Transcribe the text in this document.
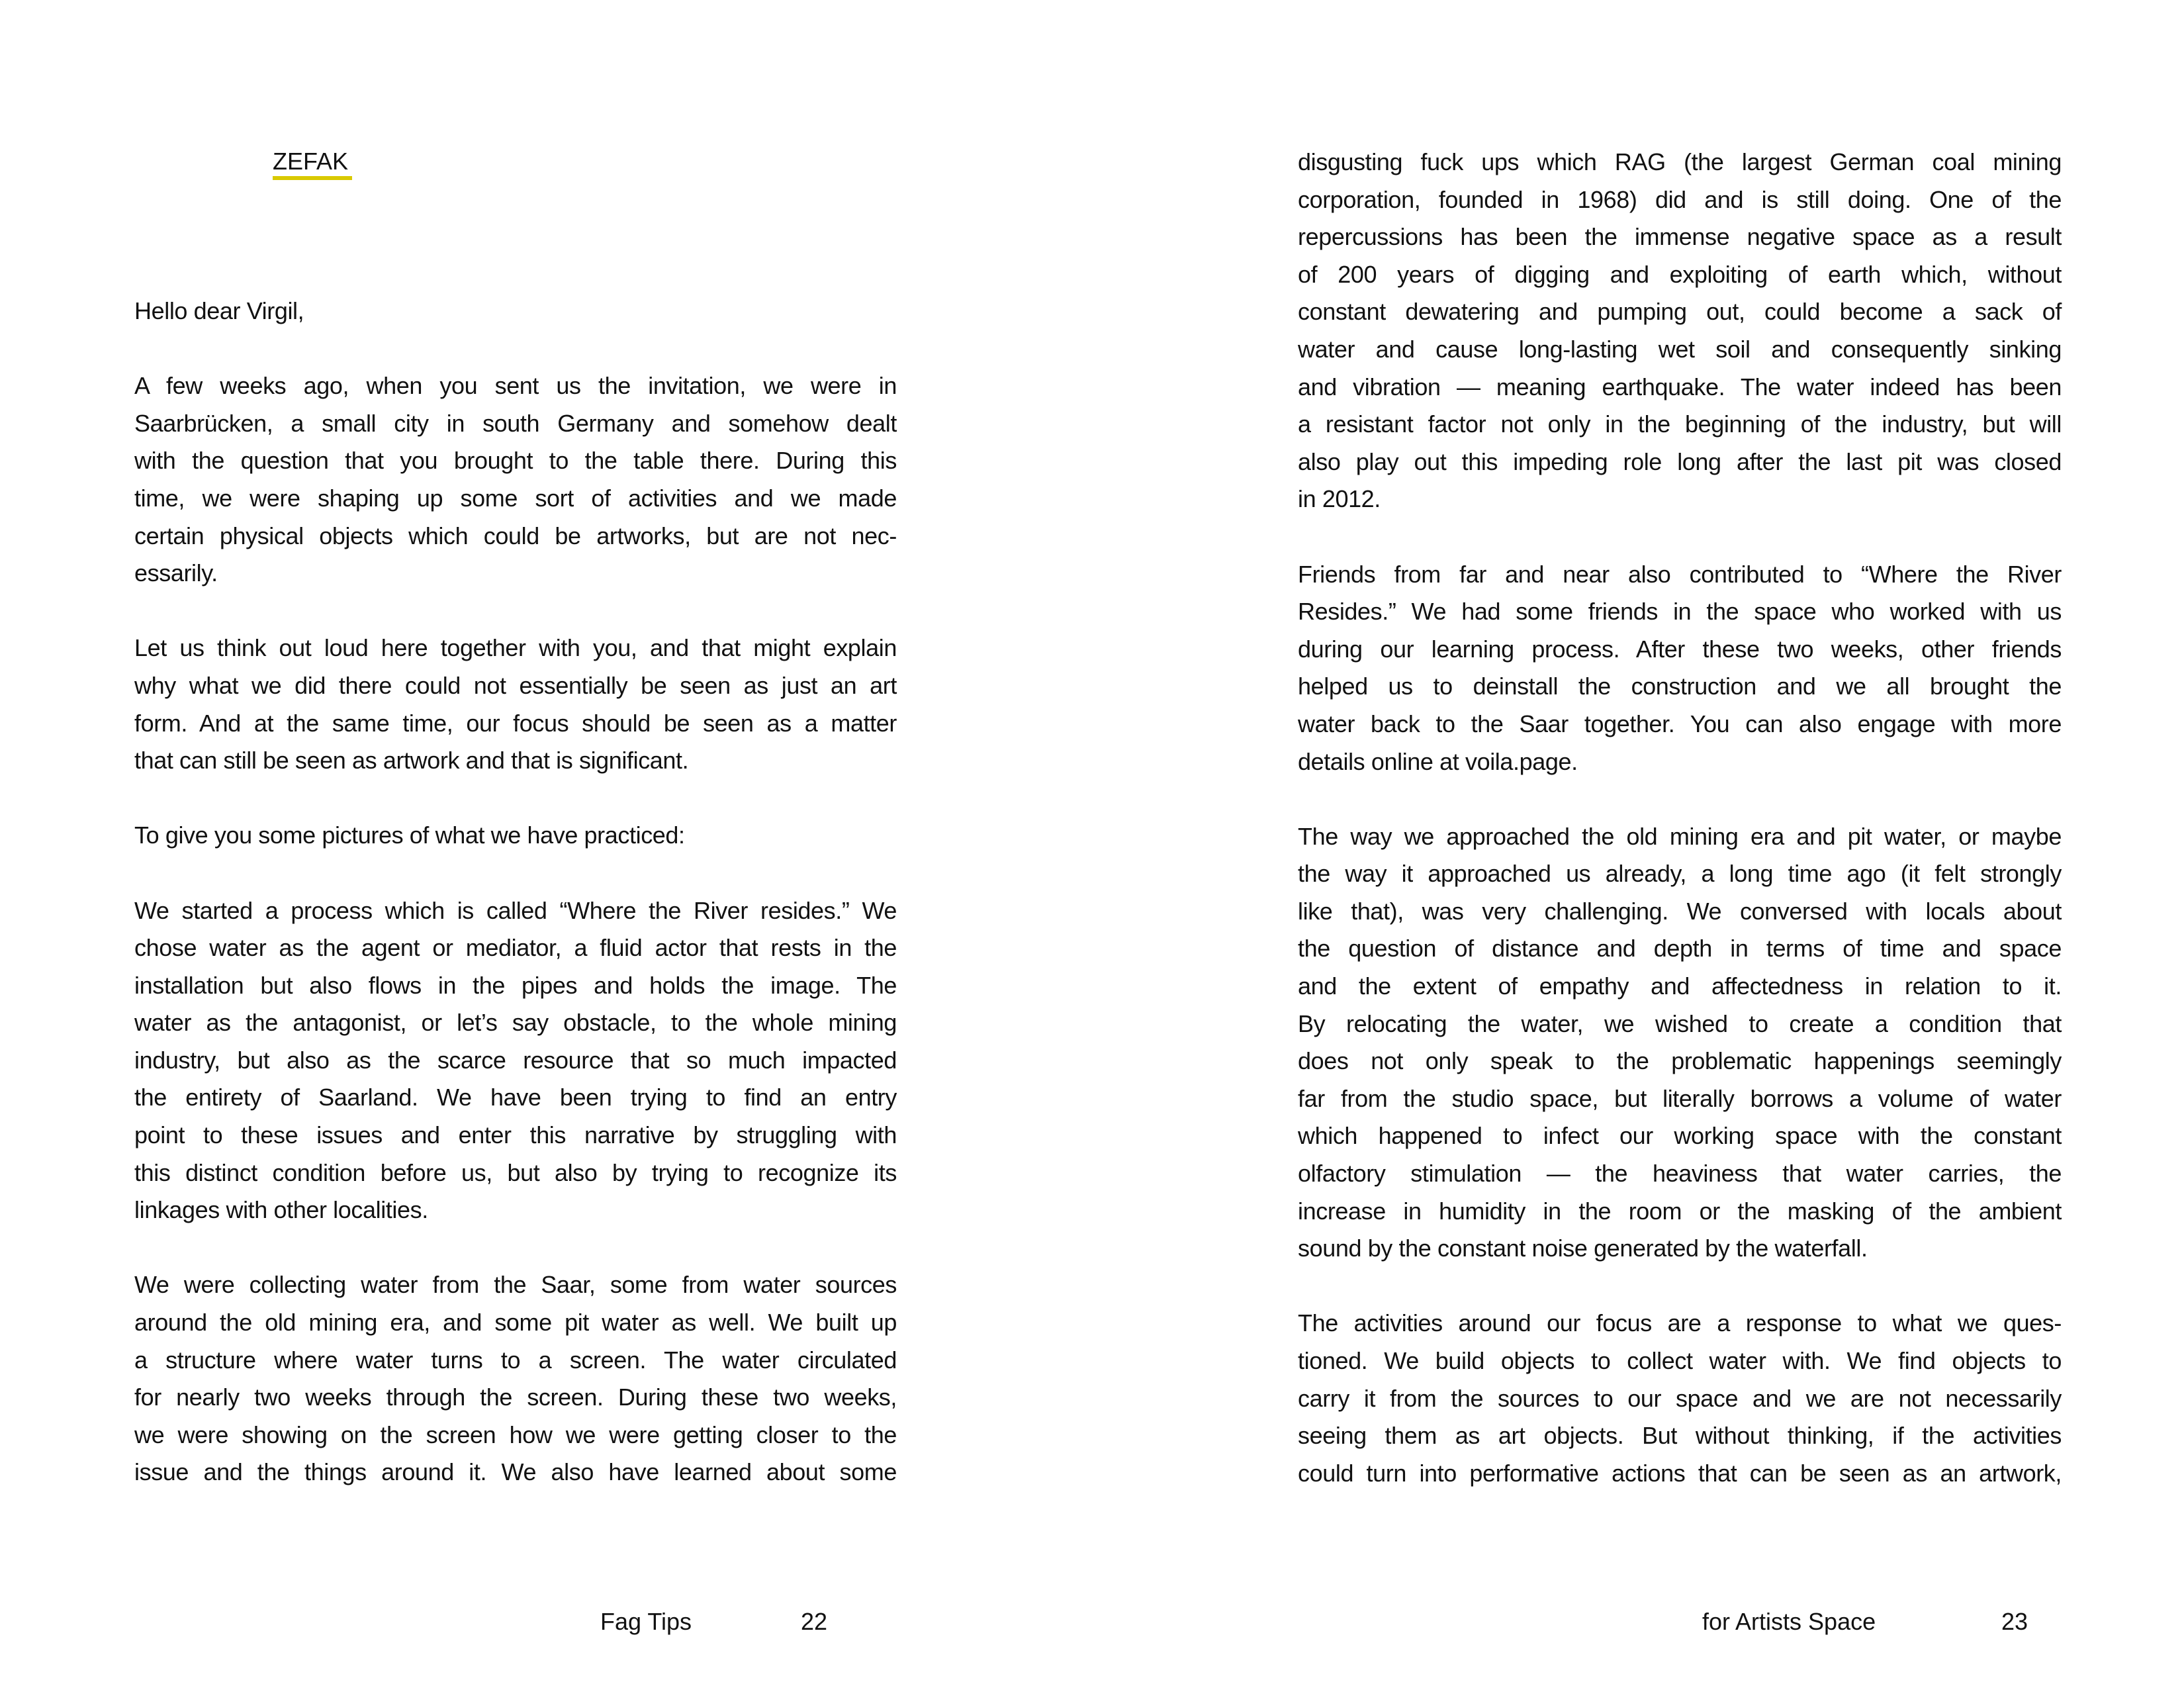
ZEFAK
Hello dear Virgil,
A few weeks ago, when you sent us the invitation, we were in
Saarbrücken, a small city in south Germany and somehow dealt
with the question that you brought to the table there. During this
time, we were shaping up some sort of activities and we made
certain physical objects which could be artworks, but are not nec-
essarily.
Let us think out loud here together with you, and that might explain
why what we did there could not essentially be seen as just an art
form. And at the same time, our focus should be seen as a matter
that can still be seen as artwork and that is significant.
To give you some pictures of what we have practiced:
We started a process which is called “Where the River resides.” We
chose water as the agent or mediator, a fluid actor that rests in the
installation but also flows in the pipes and holds the image. The
water as the antagonist, or let’s say obstacle, to the whole mining
industry, but also as the scarce resource that so much impacted
the entirety of Saarland. We have been trying to find an entry
point to these issues and enter this narrative by struggling with
this distinct condition before us, but also by trying to recognize its
linkages with other localities.
We were collecting water from the Saar, some from water sources
around the old mining era, and some pit water as well. We built up
a structure where water turns to a screen. The water circulated
for nearly two weeks through the screen. During these two weeks,
we were showing on the screen how we were getting closer to the
issue and the things around it. We also have learned about some
disgusting fuck ups which RAG (the largest German coal mining
corporation, founded in 1968) did and is still doing. One of the
repercussions has been the immense negative space as a result
of 200 years of digging and exploiting of earth which, without
constant dewatering and pumping out, could become a sack of
water and cause long-lasting wet soil and consequently sinking
and vibration — meaning earthquake. The water indeed has been
a resistant factor not only in the beginning of the industry, but will
also play out this impeding role long after the last pit was closed
in 2012.
Friends from far and near also contributed to “Where the River
Resides.” We had some friends in the space who worked with us
during our learning process. After these two weeks, other friends
helped us to deinstall the construction and we all brought the
water back to the Saar together. You can also engage with more
details online at voila.page.
The way we approached the old mining era and pit water, or maybe
the way it approached us already, a long time ago (it felt strongly
like that), was very challenging. We conversed with locals about
the question of distance and depth in terms of time and space
and the extent of empathy and affectedness in relation to it.
By relocating the water, we wished to create a condition that
does not only speak to the problematic happenings seemingly
far from the studio space, but literally borrows a volume of water
which happened to infect our working space with the constant
olfactory stimulation — the heaviness that water carries, the
increase in humidity in the room or the masking of the ambient
sound by the constant noise generated by the waterfall.
The activities around our focus are a response to what we ques-
tioned. We build objects to collect water with. We find objects to
carry it from the sources to our space and we are not necessarily
seeing them as art objects. But without thinking, if the activities
could turn into performative actions that can be seen as an artwork,
Fag Tips	22	for Artists Space	23
